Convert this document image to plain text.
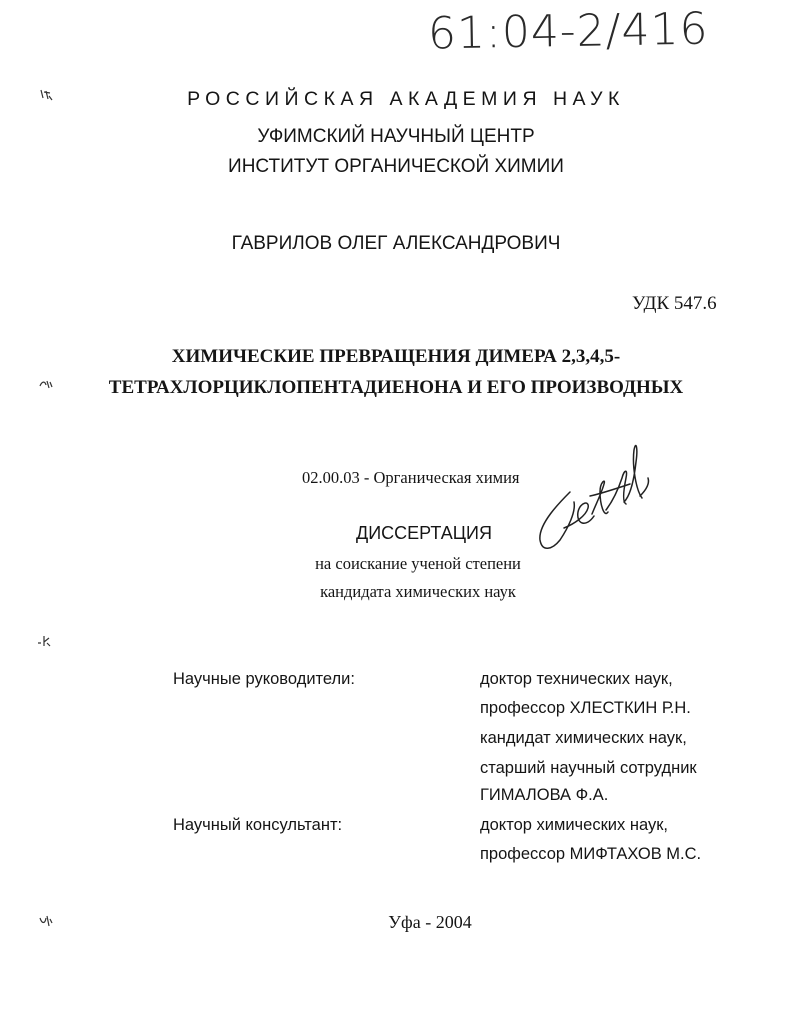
61:04-2/416

РОССИЙСКАЯ АКАДЕМИЯ НАУК

УФИМСКИЙ НАУЧНЫЙ ЦЕНТР

ИНСТИТУТ ОРГАНИЧЕСКОЙ ХИМИИ

ГАВРИЛОВ ОЛЕГ АЛЕКСАНДРОВИЧ

УДК 547.6

ХИМИЧЕСКИЕ ПРЕВРАЩЕНИЯ ДИМЕРА 2,3,4,5-

ТЕТРАХЛОРЦИКЛОПЕНТАДИЕНОНА И ЕГО ПРОИЗВОДНЫХ

02.00.03 - Органическая химия

ДИССЕРТАЦИЯ

на соискание ученой степени

кандидата химических наук

Научные руководители:	доктор технических наук,

профессор ХЛЕСТКИН Р.Н.

кандидат химических наук,

старший научный сотрудник

ГИМАЛОВА Ф.А.

Научный консультант:	доктор химических наук,

профессор МИФТАХОВ М.С.

Уфа - 2004
